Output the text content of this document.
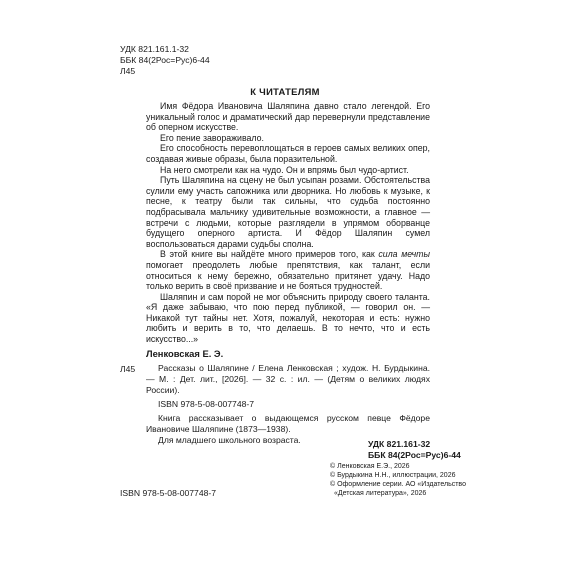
УДК 821.161.1-32
ББК 84(2Рос=Рус)6-44
Л45
К ЧИТАТЕЛЯМ

Имя Фёдора Ивановича Шаляпина давно стало легендой. Его уникальный голос и драматический дар перевернули представление об оперном искусстве.

Его пение завораживало.

Его способность перевоплощаться в героев самых великих опер, создавая живые образы, была поразительной.

На него смотрели как на чудо. Он и впрямь был чудо-артист.

Путь Шаляпина на сцену не был усыпан розами. Обстоятельства сулили ему участь сапожника или дворника. Но любовь к музыке, к песне, к театру были так сильны, что судьба постоянно подбрасывала мальчику удивительные возможности, а главное — встречи с людьми, которые разглядели в упрямом оборванце будущего оперного артиста. И Фёдор Шаляпин сумел воспользоваться дарами судьбы сполна.

В этой книге вы найдёте много примеров того, как сила мечты помогает преодолеть любые препятствия, как талант, если относиться к нему бережно, обязательно притянет удачу. Надо только верить в своё призвание и не бояться трудностей.

Шаляпин и сам порой не мог объяснить природу своего таланта. «Я даже забываю, что пою перед публикой, — говорил он. — Никакой тут тайны нет. Хотя, пожалуй, некоторая и есть: нужно любить и верить в то, что делаешь. В то нечто, что и есть искусство...»

Ленковская Е. Э.
Л45	Рассказы о Шаляпине / Елена Ленковская ; худож. Н. Бурдыкина. — М. : Дет. лит., [2026]. — 32 с. : ил. — (Детям о великих людях России).

ISBN 978-5-08-007748-7

Книга рассказывает о выдающемся русском певце Фёдоре Ивановиче Шаляпине (1873—1938).

Для младшего школьного возраста.	УДК 821.161-32
ББК 84(2Рос=Рус)6-44
© Ленковская Е.Э., 2026
© Бурдыкина Н.Н., иллюстрации, 2026
© Оформление серии. АО «Издательство
«Детская литература», 2026
ISBN 978-5-08-007748-7
